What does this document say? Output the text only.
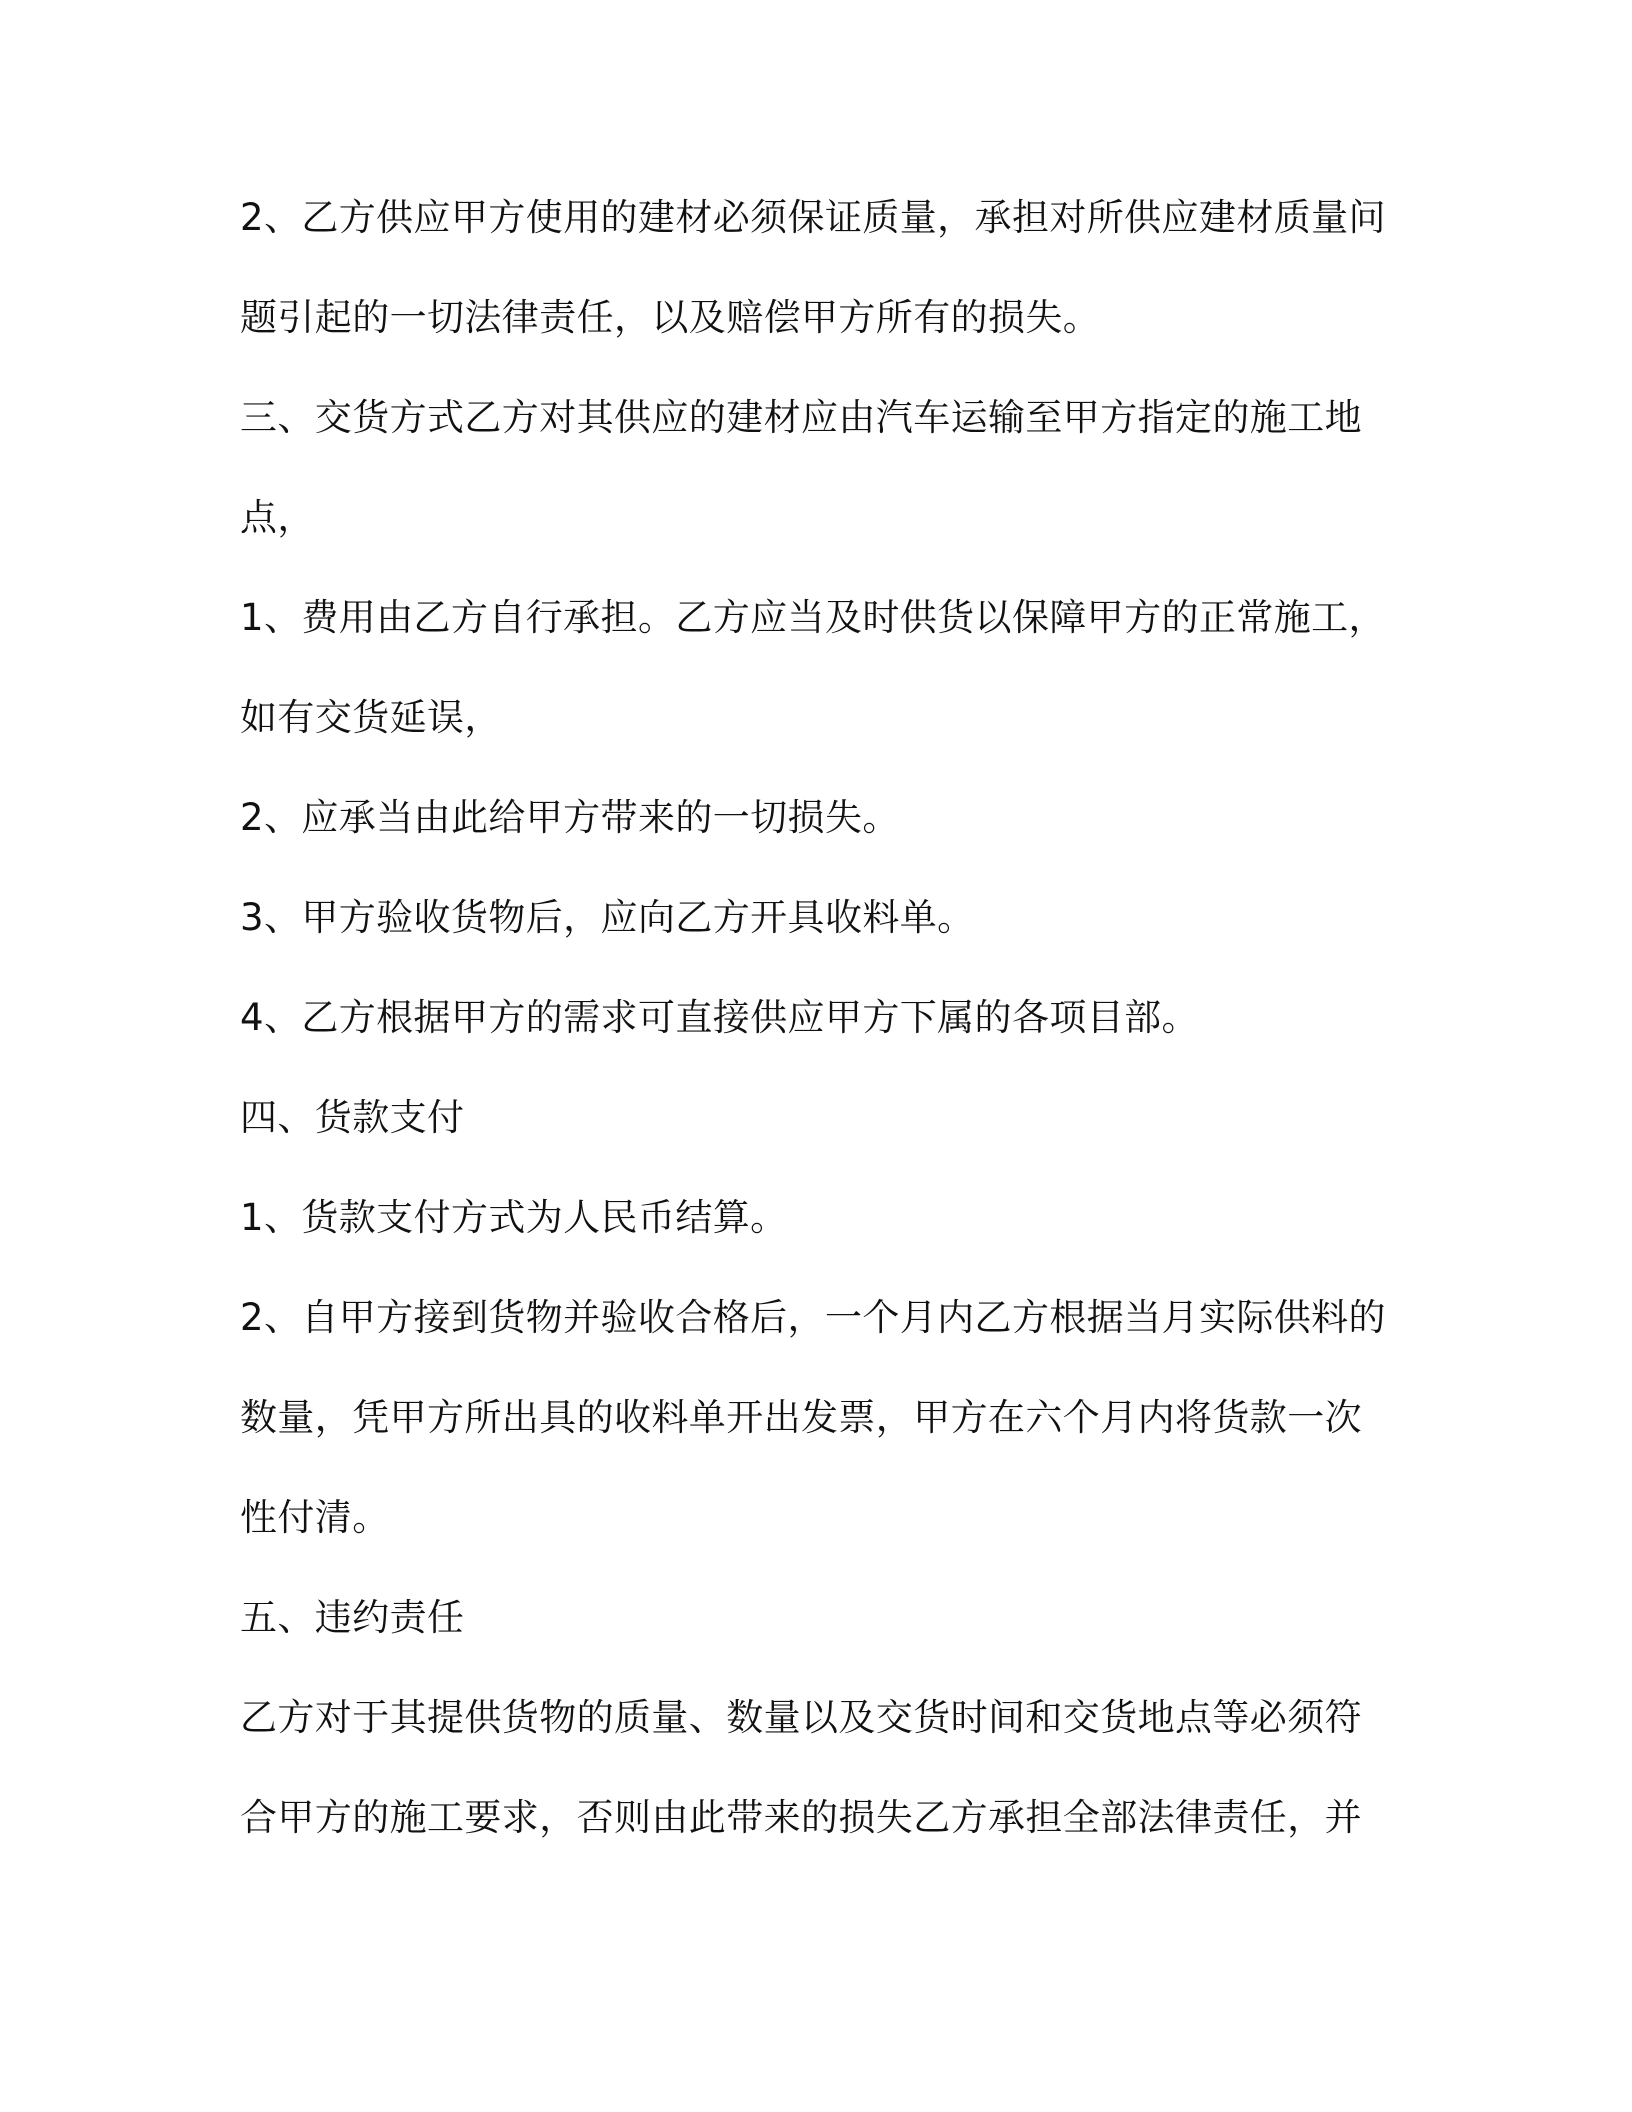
2、乙方供应甲方使用的建材必须保证质量，承担对所供应建材质量问

题引起的一切法律责任，以及赔偿甲方所有的损失。

三、交货方式乙方对其供应的建材应由汽车运输至甲方指定的施工地

点，

1、费用由乙方自行承担。乙方应当及时供货以保障甲方的正常施工，

如有交货延误，

2、应承当由此给甲方带来的一切损失。

3、甲方验收货物后，应向乙方开具收料单。

4、乙方根据甲方的需求可直接供应甲方下属的各项目部。

四、货款支付

1、货款支付方式为人民币结算。

2、自甲方接到货物并验收合格后，一个月内乙方根据当月实际供料的

数量，凭甲方所出具的收料单开出发票，甲方在六个月内将货款一次

性付清。

五、违约责任

乙方对于其提供货物的质量、数量以及交货时间和交货地点等必须符

合甲方的施工要求，否则由此带来的损失乙方承担全部法律责任，并
